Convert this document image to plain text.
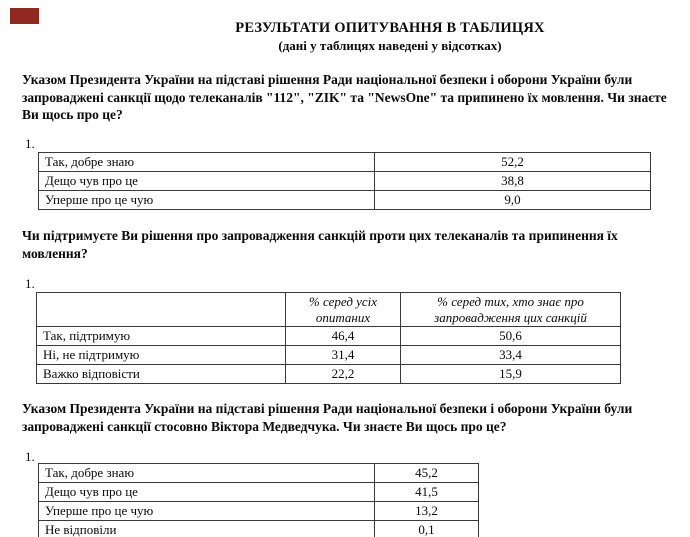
РЕЗУЛЬТАТИ ОПИТУВАННЯ В ТАБЛИЦЯХ
(дані у таблицях наведені у відсотках)
Указом Президента України на підставі рішення Ради національної безпеки і оборони України були запроваджені санкції щодо телеканалів "112", "ZIK" та "NewsOne" та припинено їх мовлення. Чи знаєте Ви щось про це?
1.
Так, добре знаю	52,2
Дещо чув про це	38,8
Уперше про це чую	9,0
Чи підтримуєте Ви рішення про запровадження санкцій проти цих телеканалів та припинення їх мовлення?
1.
	% серед усіх опитаних	% серед тих, хто знає про запровадження цих санкцій
Так, підтримую	46,4	50,6
Ні, не підтримую	31,4	33,4
Важко відповісти	22,2	15,9
Указом Президента України на підставі рішення Ради національної безпеки і оборони України були запроваджені санкції стосовно Віктора Медведчука. Чи знаєте Ви щось про це?
1.
Так, добре знаю	45,2
Дещо чув про це	41,5
Уперше про це чую	13,2
Не відповіли	0,1
